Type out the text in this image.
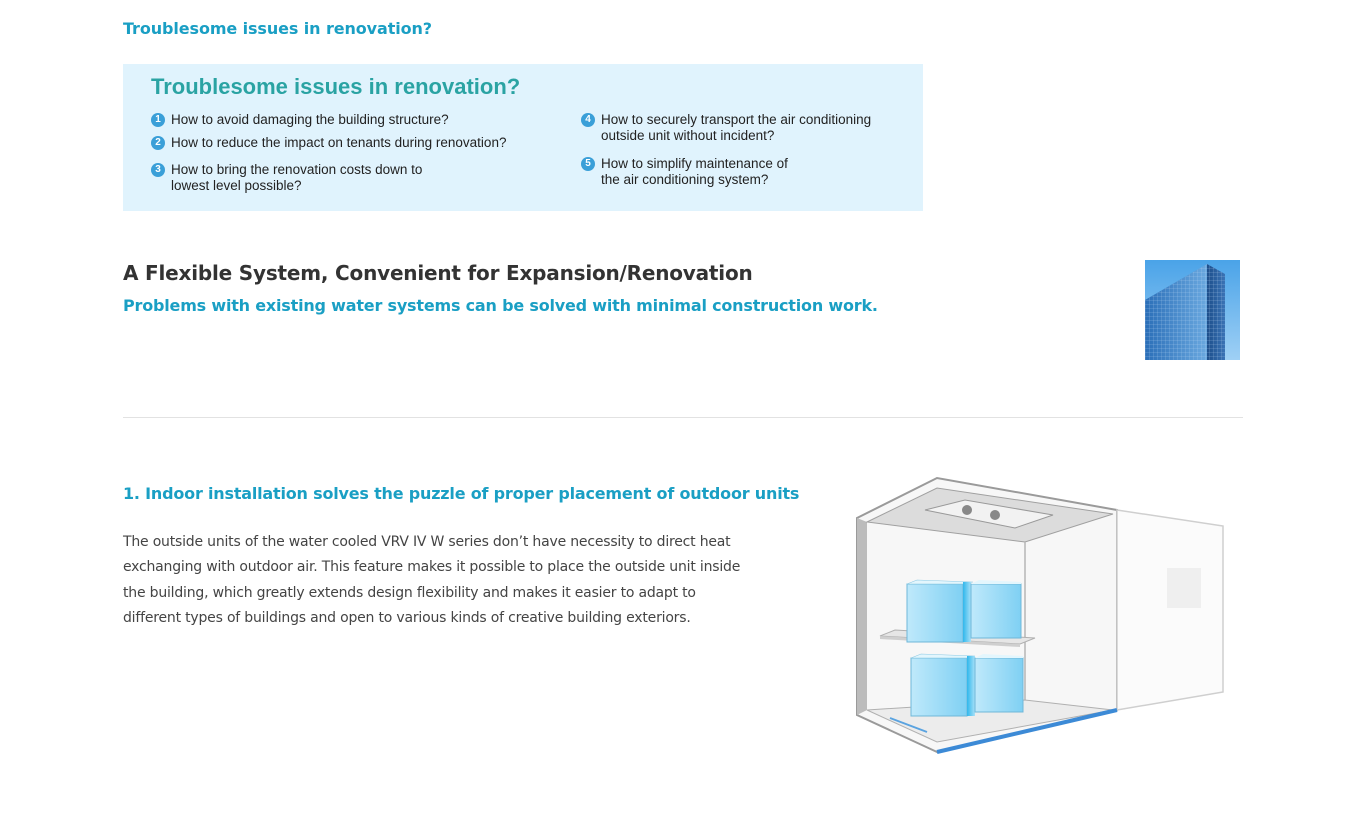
Troublesome issues in renovation?
Troublesome issues in renovation?
1 How to avoid damaging the building structure?
2 How to reduce the impact on tenants during renovation?
3 How to bring the renovation costs down to
lowest level possible?
4 How to securely transport the air conditioning
outside unit without incident?
5 How to simplify maintenance of
the air conditioning system?
A Flexible System, Convenient for Expansion/Renovation
Problems with existing water systems can be solved with minimal construction work.
1. Indoor installation solves the puzzle of proper placement of outdoor units
The outside units of the water cooled VRV IV W series don’t have necessity to direct heat exchanging with outdoor air. This feature makes it possible to place the outside unit inside the building, which greatly extends design flexibility and makes it easier to adapt to different types of buildings and open to various kinds of creative building exteriors.
